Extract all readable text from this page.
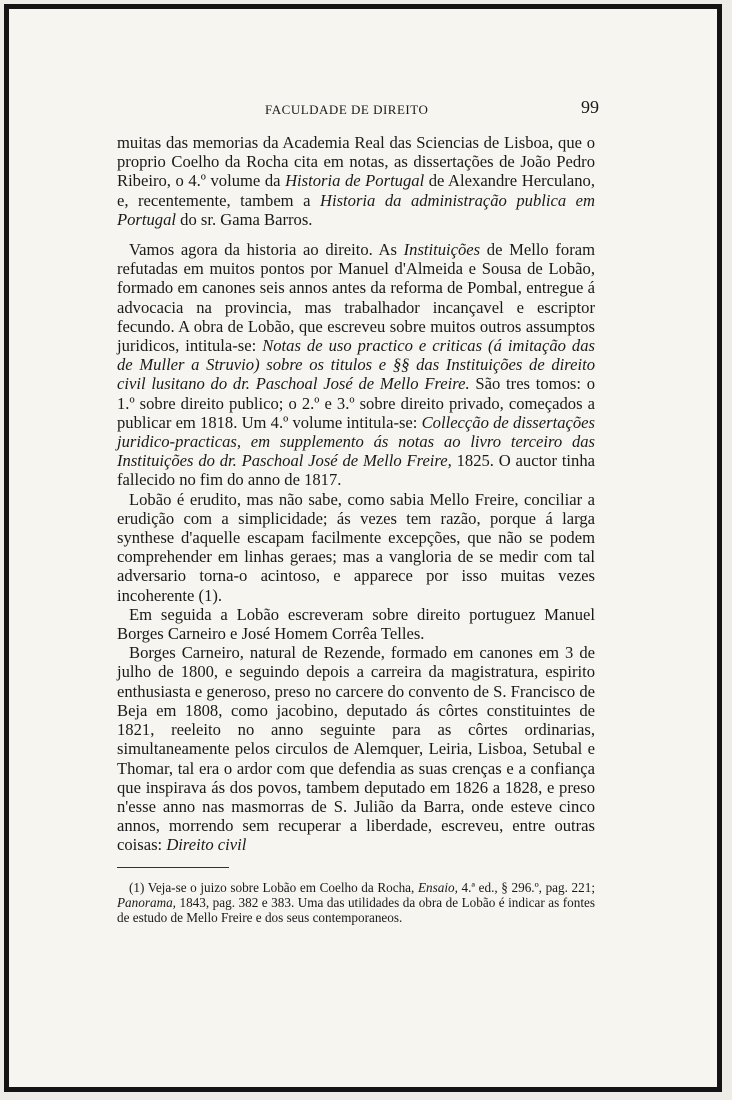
FACULDADE DE DIREITO	99

muitas das memorias da Academia Real das Sciencias de Lisboa, que o proprio Coelho da Rocha cita em notas, as dissertações de João Pedro Ribeiro, o 4.º volume da Historia de Portugal de Alexandre Herculano, e, recentemente, tambem a Historia da administração publica em Portugal do sr. Gama Barros.

Vamos agora da historia ao direito. As Instituições de Mello foram refutadas em muitos pontos por Manuel d'Almeida e Sousa de Lobão, formado em canones seis annos antes da reforma de Pombal, entregue á advocacia na provincia, mas trabalhador incançavel e escriptor fecundo. A obra de Lobão, que escreveu sobre muitos outros assumptos juridicos, intitula-se: Notas de uso practico e criticas (á imitação das de Muller a Struvio) sobre os titulos e §§ das Instituições de direito civil lusitano do dr. Paschoal José de Mello Freire. São tres tomos: o 1.º sobre direito publico; o 2.º e 3.º sobre direito privado, começados a publicar em 1818. Um 4.º volume intitula-se: Collecção de dissertações juridico-practicas, em supplemento ás notas ao livro terceiro das Instituições do dr. Paschoal José de Mello Freire, 1825. O auctor tinha fallecido no fim do anno de 1817.

Lobão é erudito, mas não sabe, como sabia Mello Freire, conciliar a erudição com a simplicidade; ás vezes tem razão, porque á larga synthese d'aquelle escapam facilmente excepções, que não se podem comprehender em linhas geraes; mas a vangloria de se medir com tal adversario torna-o acintoso, e apparece por isso muitas vezes incoherente (1).

Em seguida a Lobão escreveram sobre direito portuguez Manuel Borges Carneiro e José Homem Corrêa Telles.

Borges Carneiro, natural de Rezende, formado em canones em 3 de julho de 1800, e seguindo depois a carreira da magistratura, espirito enthusiasta e generoso, preso no carcere do convento de S. Francisco de Beja em 1808, como jacobino, deputado ás côrtes constituintes de 1821, reeleito no anno seguinte para as côrtes ordinarias, simultaneamente pelos circulos de Alemquer, Leiria, Lisboa, Setubal e Thomar, tal era o ardor com que defendia as suas crenças e a confiança que inspirava ás dos povos, tambem deputado em 1826 a 1828, e preso n'esse anno nas masmorras de S. Julião da Barra, onde esteve cinco annos, morrendo sem recuperar a liberdade, escreveu, entre outras coisas: Direito civil

(1) Veja-se o juizo sobre Lobão em Coelho da Rocha, Ensaio, 4.ª ed., § 296.º, pag. 221; Panorama, 1843, pag. 382 e 383. Uma das utilidades da obra de Lobão é indicar as fontes de estudo de Mello Freire e dos seus contemporaneos.
